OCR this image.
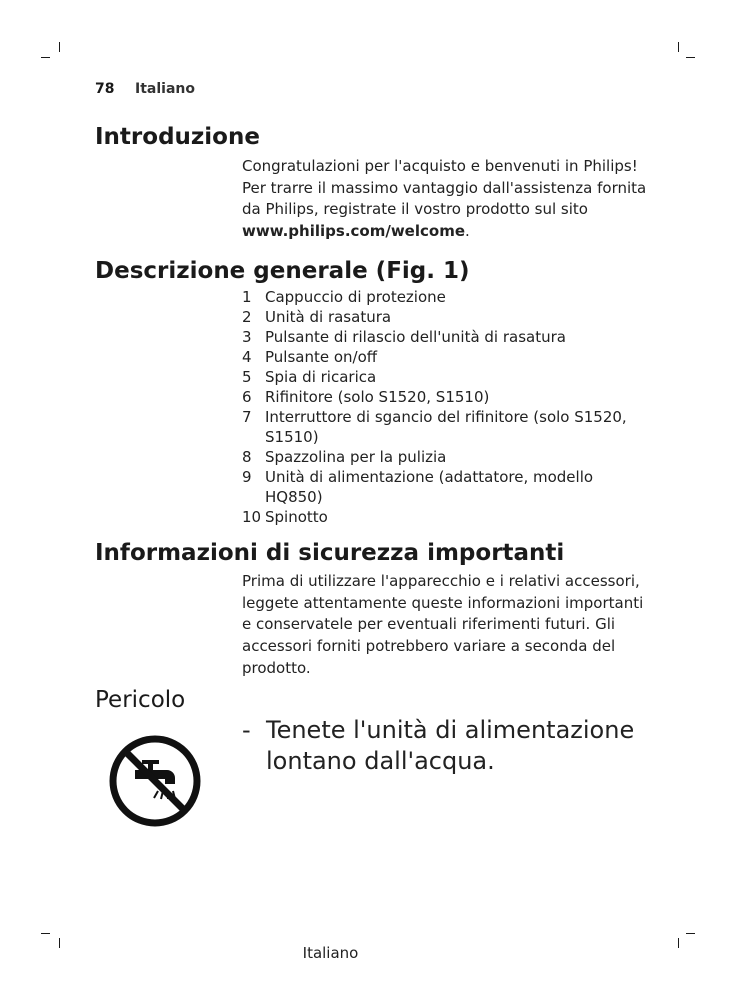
78 Italiano
Introduzione

Congratulazioni per l'acquisto e benvenuti in Philips! Per trarre il massimo vantaggio dall'assistenza fornita da Philips, registrate il vostro prodotto sul sito www.philips.com/welcome.

Descrizione generale (Fig. 1)
1 Cappuccio di protezione
2 Unità di rasatura
3 Pulsante di rilascio dell'unità di rasatura
4 Pulsante on/off
5 Spia di ricarica
6 Rifinitore (solo S1520, S1510)
7 Interruttore di sgancio del rifinitore (solo S1520, S1510)
8 Spazzolina per la pulizia
9 Unità di alimentazione (adattatore, modello HQ850)
10 Spinotto
Informazioni di sicurezza importanti

Prima di utilizzare l'apparecchio e i relativi accessori, leggete attentamente queste informazioni importanti e conservatele per eventuali riferimenti futuri. Gli accessori forniti potrebbero variare a seconda del prodotto.

Pericolo
- Tenete l'unità di alimentazione lontano dall'acqua.
Italiano
